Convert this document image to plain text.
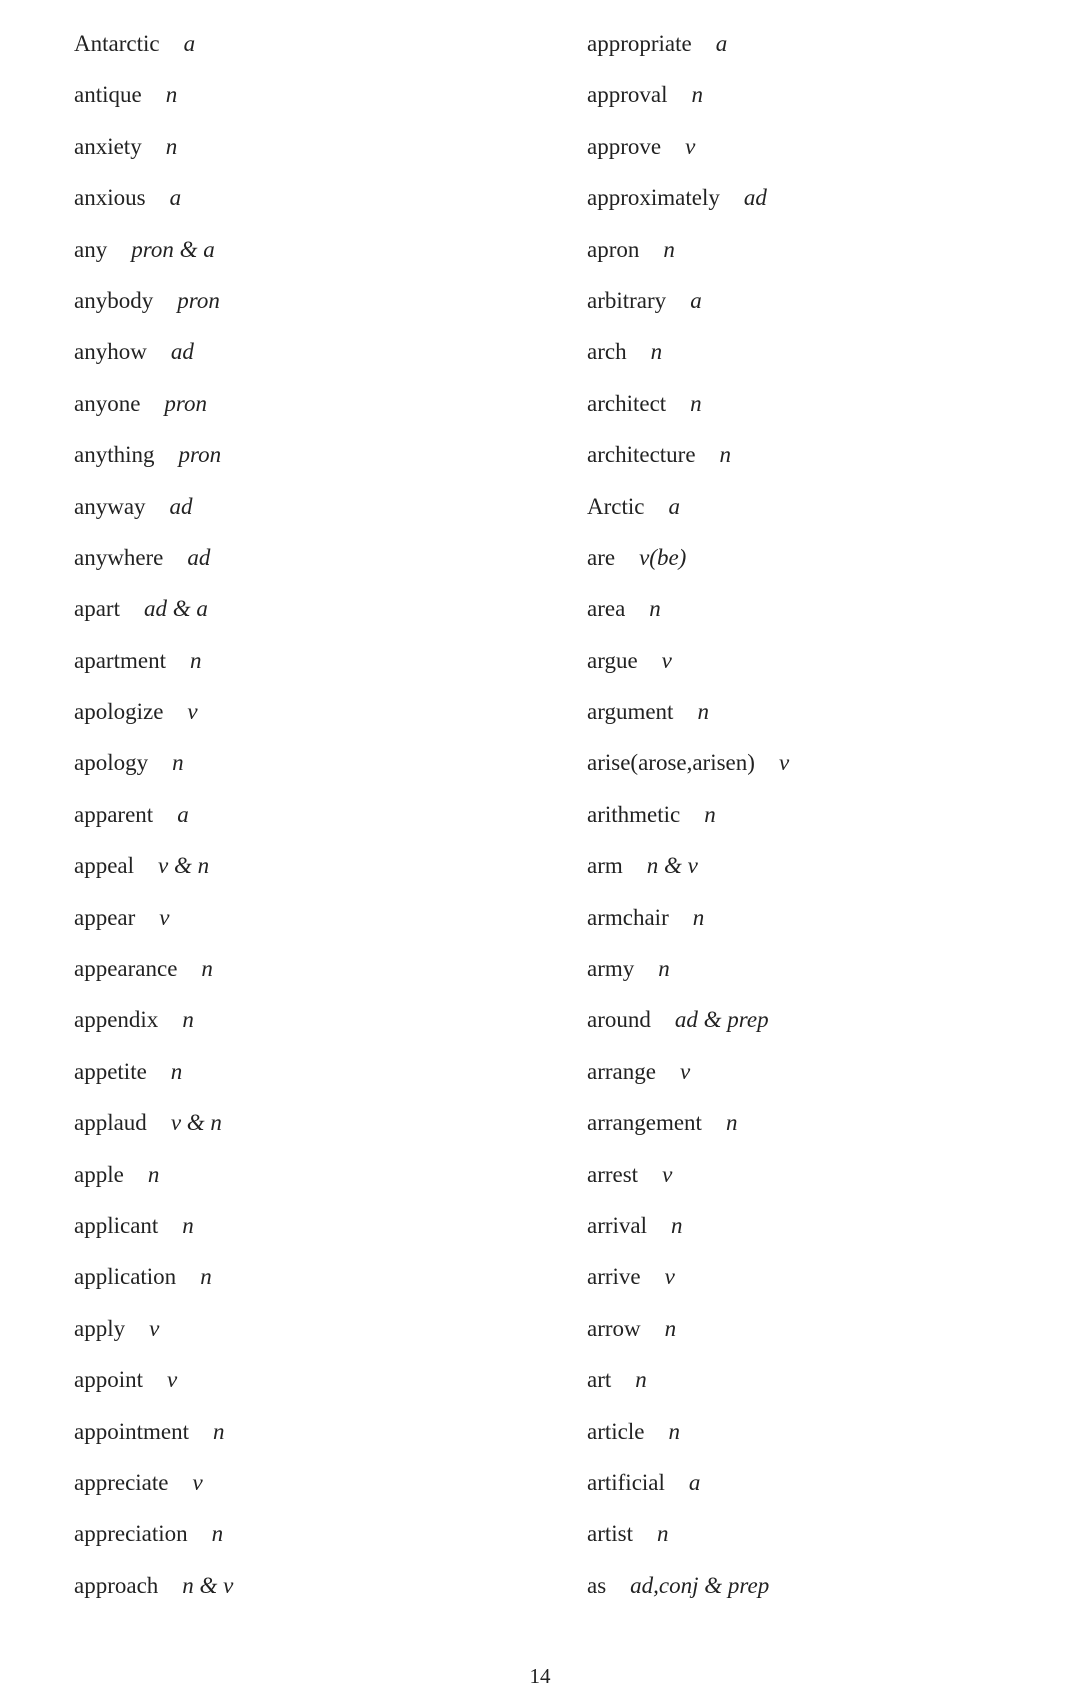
Antarctic a
antique n
anxiety n
anxious a
any pron & a
anybody pron
anyhow ad
anyone pron
anything pron
anyway ad
anywhere ad
apart ad & a
apartment n
apologize v
apology n
apparent a
appeal v & n
appear v
appearance n
appendix n
appetite n
applaud v & n
apple n
applicant n
application n
apply v
appoint v
appointment n
appreciate v
appreciation n
approach n & v
appropriate a
approval n
approve v
approximately ad
apron n
arbitrary a
arch n
architect n
architecture n
Arctic a
are v(be)
area n
argue v
argument n
arise(arose,arisen) v
arithmetic n
arm n & v
armchair n
army n
around ad & prep
arrange v
arrangement n
arrest v
arrival n
arrive v
arrow n
art n
article n
artificial a
artist n
as ad,conj & prep
14
